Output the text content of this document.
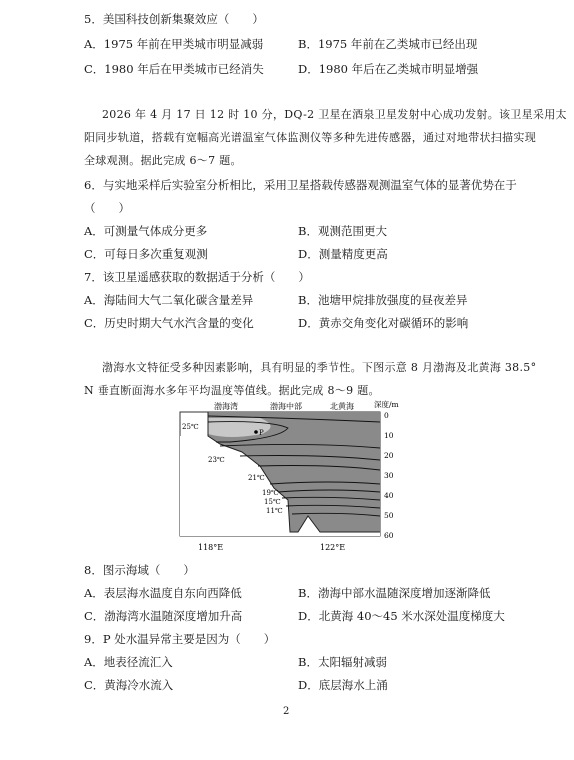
5．美国科技创新集聚效应（　　）
A．1975 年前在甲类城市明显减弱	B．1975 年前在乙类城市已经出现
C．1980 年后在甲类城市已经消失	D．1980 年后在乙类城市明显增强
2026 年 4 月 17 日 12 时 10 分，DQ-2 卫星在酒泉卫星发射中心成功发射。该卫星采用太
阳同步轨道，搭载有宽幅高光谱温室气体监测仪等多种先进传感器，通过对地带状扫描实现
全球观测。据此完成 6～7 题。
6．与实地采样后实验室分析相比，采用卫星搭载传感器观测温室气体的显著优势在于
（　　）
A．可测量气体成分更多	B．观测范围更大
C．可每日多次重复观测	D．测量精度更高
7．该卫星遥感获取的数据适于分析（　　）
A．海陆间大气二氧化碳含量差异	B．池塘甲烷排放强度的昼夜差异
C．历史时期大气水汽含量的变化	D．黄赤交角变化对碳循环的影响
渤海水文特征受多种因素影响，具有明显的季节性。下图示意 8 月渤海及北黄海 38.5°
N 垂直断面海水多年平均温度等值线。据此完成 8～9 题。
P
渤海湾	渤海中部	北黄海	深度/m
0
10
20
30
40
50
60
25℃
23℃
21℃
19℃
15℃
11℃
118°E	122°E
8．图示海域（　　）
A．表层海水温度自东向西降低	B．渤海中部水温随深度增加逐渐降低
C．渤海湾水温随深度增加升高	D．北黄海 40～45 米水深处温度梯度大
9．P 处水温异常主要是因为（　　）
A．地表径流汇入	B．太阳辐射减弱
C．黄海冷水流入	D．底层海水上涌
2
